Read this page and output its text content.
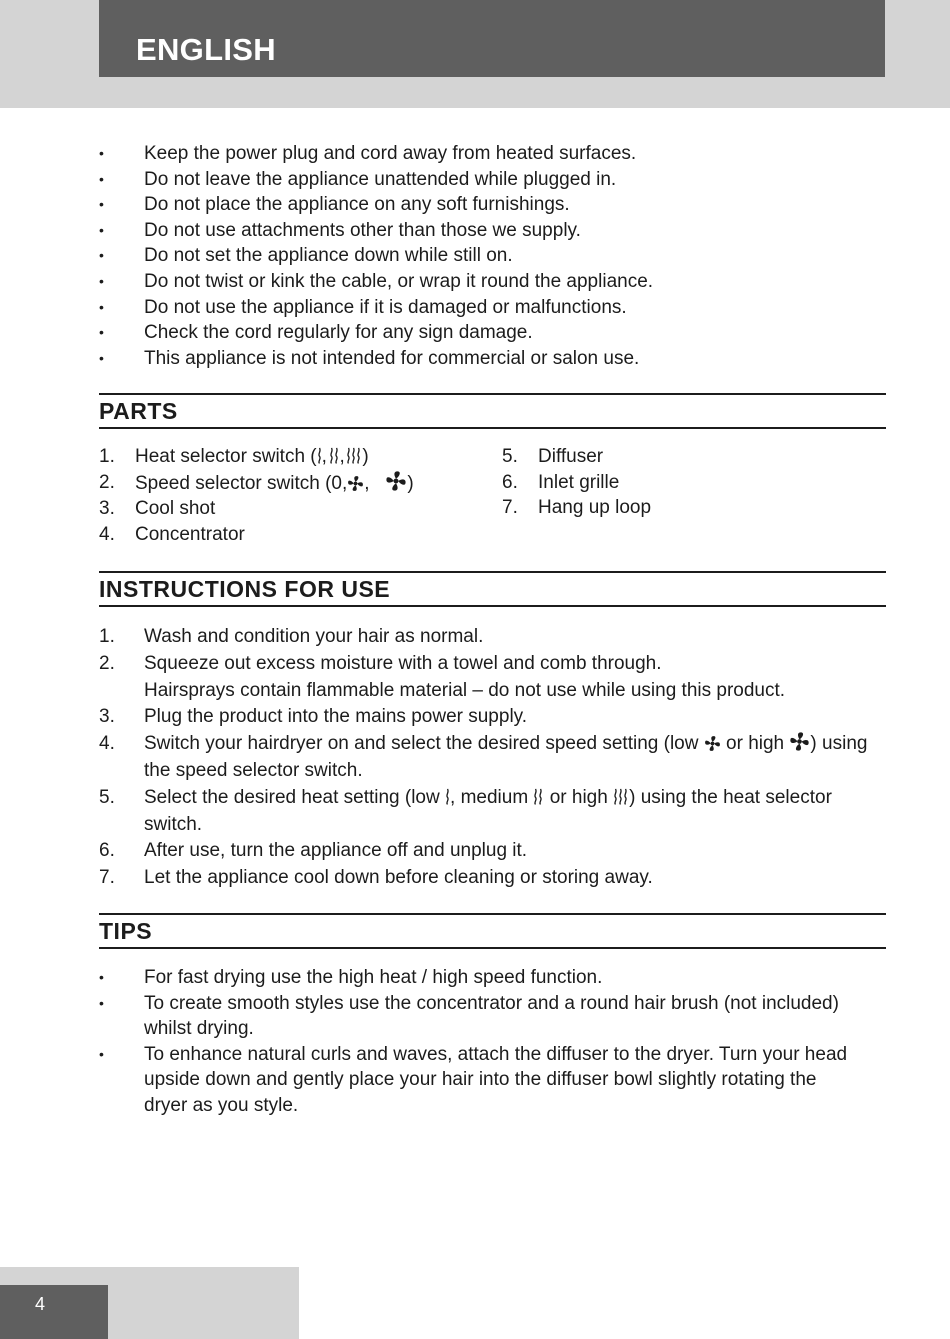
ENGLISH
• Keep the power plug and cord away from heated surfaces.
• Do not leave the appliance unattended while plugged in.
• Do not place the appliance on any soft furnishings.
• Do not use attachments other than those we supply.
• Do not set the appliance down while still on.
• Do not twist or kink the cable, or wrap it round the appliance.
• Do not use the appliance if it is damaged or malfunctions.
• Check the cord regularly for any sign damage.
• This appliance is not intended for commercial or salon use.
PARTS
1. Heat selector switch ( , , )
2. Speed selector switch (0, , )
3. Cool shot
4. Concentrator
5. Diffuser
6. Inlet grille
7. Hang up loop
INSTRUCTIONS FOR USE
1. Wash and condition your hair as normal.
2. Squeeze out excess moisture with a towel and comb through.
Hairsprays contain flammable material – do not use while using this product.
3. Plug the product into the mains power supply.
4. Switch your hairdryer on and select the desired speed setting (low or high ) using the speed selector switch.
5. Select the desired heat setting (low , medium or high ) using the heat selector switch.
6. After use, turn the appliance off and unplug it.
7. Let the appliance cool down before cleaning or storing away.
TIPS
• For fast drying use the high heat / high speed function.
• To create smooth styles use the concentrator and a round hair brush (not included) whilst drying.
• To enhance natural curls and waves, attach the diffuser to the dryer. Turn your head upside down and gently place your hair into the diffuser bowl slightly rotating the dryer as you style.
4
